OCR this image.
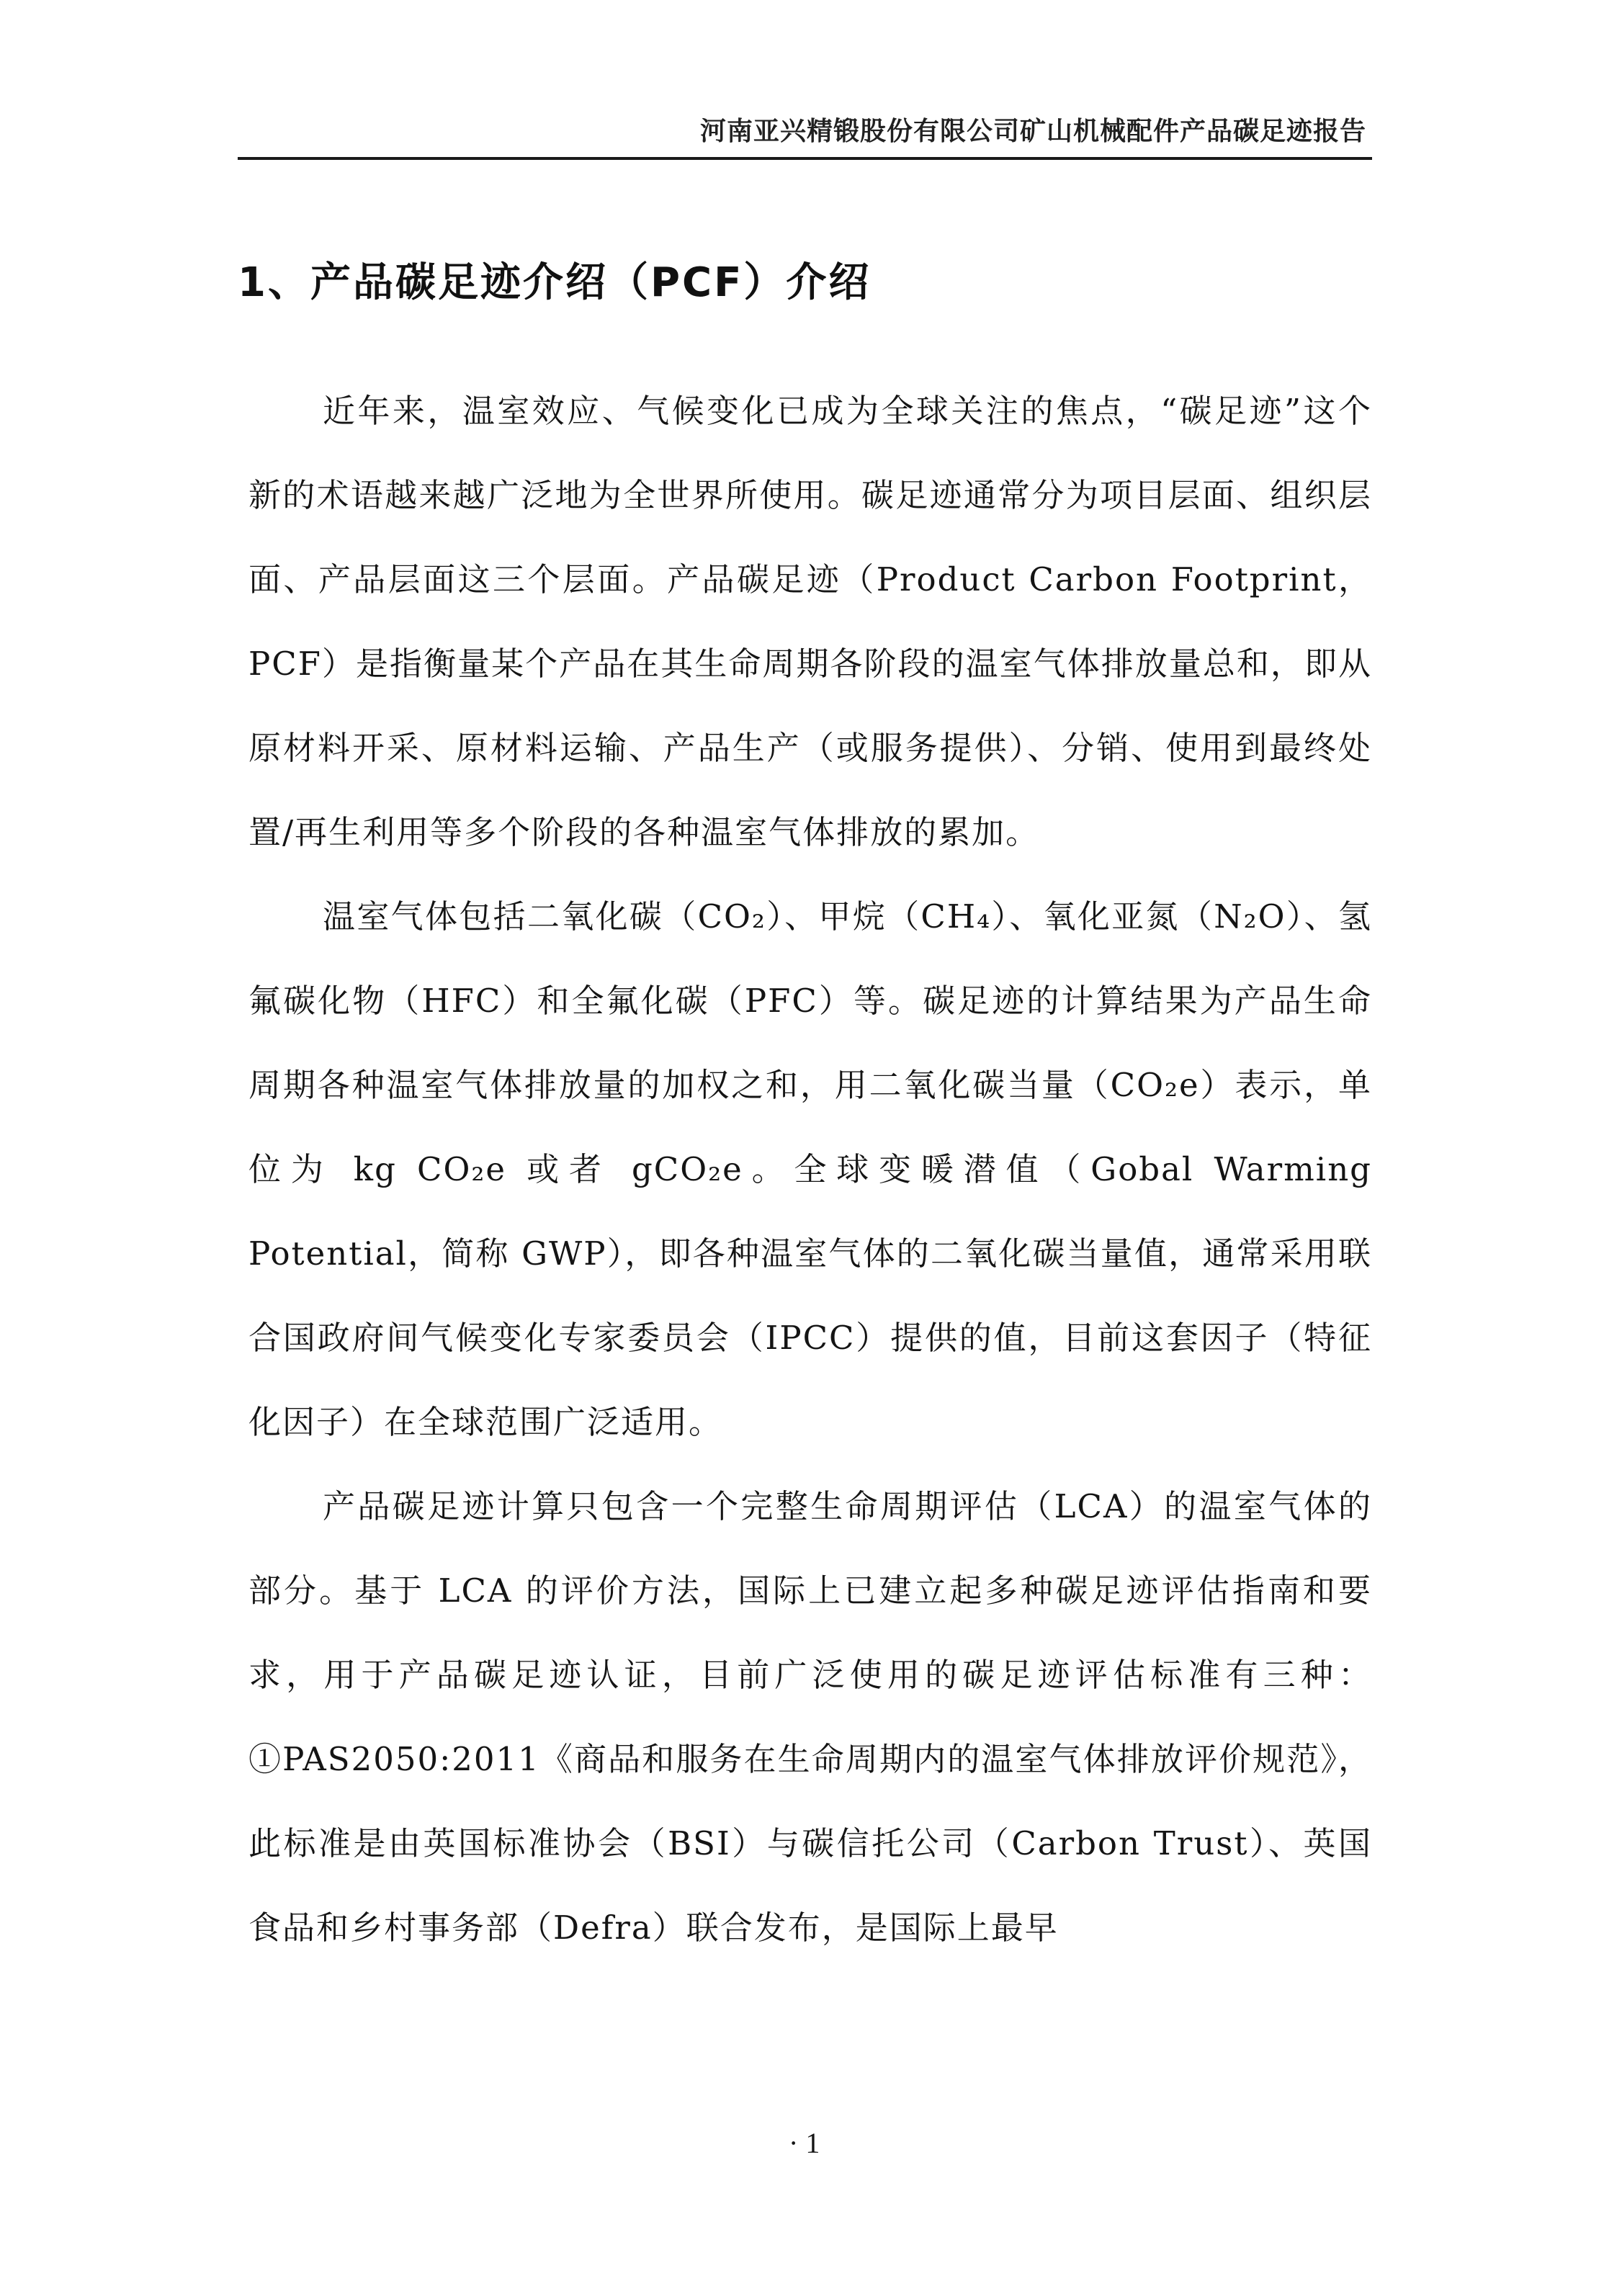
河南亚兴精锻股份有限公司矿山机械配件产品碳足迹报告
1、产品碳足迹介绍（PCF）介绍

近年来，温室效应、气候变化已成为全球关注的焦点，“碳足迹”这个新的术语越来越广泛地为全世界所使用。碳足迹通常分为项目层面、组织层面、产品层面这三个层面。产品碳足迹（Product Carbon Footprint，PCF）是指衡量某个产品在其生命周期各阶段的温室气体排放量总和，即从原材料开采、原材料运输、产品生产（或服务提供）、分销、使用到最终处置/再生利用等多个阶段的各种温室气体排放的累加。

温室气体包括二氧化碳（CO₂）、甲烷（CH₄）、氧化亚氮（N₂O）、氢氟碳化物（HFC）和全氟化碳（PFC）等。碳足迹的计算结果为产品生命周期各种温室气体排放量的加权之和，用二氧化碳当量（CO₂e）表示，单位为 kg CO₂e 或者 gCO₂e。全球变暖潜值（Gobal Warming Potential，简称 GWP），即各种温室气体的二氧化碳当量值，通常采用联合国政府间气候变化专家委员会（IPCC）提供的值，目前这套因子（特征化因子）在全球范围广泛适用。

产品碳足迹计算只包含一个完整生命周期评估（LCA）的温室气体的部分。基于 LCA 的评价方法，国际上已建立起多种碳足迹评估指南和要求，用于产品碳足迹认证，目前广泛使用的碳足迹评估标准有三种：①PAS2050:2011《商品和服务在生命周期内的温室气体排放评价规范》，此标准是由英国标准协会（BSI）与碳信托公司（Carbon Trust）、英国食品和乡村事务部（Defra）联合发布，是国际上最早

· 1
